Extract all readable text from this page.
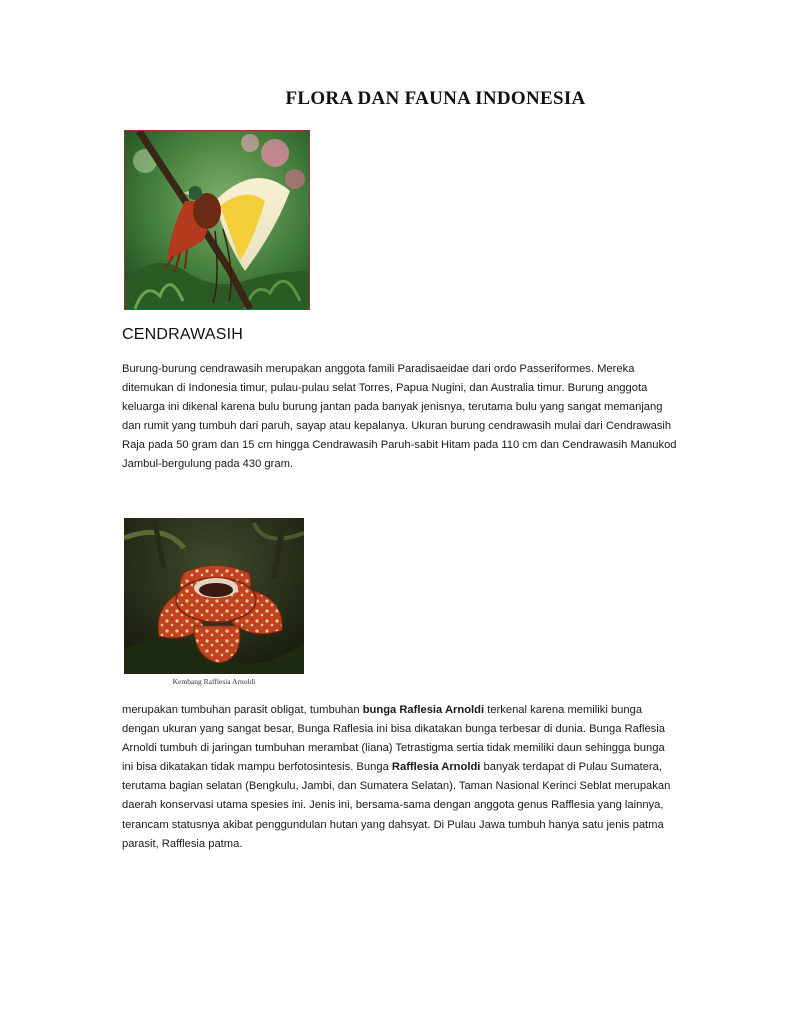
FLORA DAN FAUNA INDONESIA
CENDRAWASIH

Burung-burung cendrawasih merupakan anggota famili Paradisaeidae dari ordo Passeriformes. Mereka ditemukan di Indonesia timur, pulau-pulau selat Torres, Papua Nugini, dan Australia timur. Burung anggota keluarga ini dikenal karena bulu burung jantan pada banyak jenisnya, terutama bulu yang sangat memanjang dan rumit yang tumbuh dari paruh, sayap atau kepalanya. Ukuran burung cendrawasih mulai dari Cendrawasih Raja pada 50 gram dan 15 cm hingga Cendrawasih Paruh-sabit Hitam pada 110 cm dan Cendrawasih Manukod Jambul-bergulung pada 430 gram.

Kembang Rafflesia Arnoldi

merupakan tumbuhan parasit obligat, tumbuhan bunga Raflesia Arnoldi terkenal karena memiliki bunga dengan ukuran yang sangat besar, Bunga Raflesia ini bisa dikatakan bunga terbesar di dunia. Bunga Raflesia Arnoldi tumbuh di jaringan tumbuhan merambat (liana) Tetrastigma sertia tidak memiliki daun sehingga bunga ini bisa dikatakan tidak mampu berfotosintesis. Bunga Rafflesia Arnoldi banyak terdapat di Pulau Sumatera, terutama bagian selatan (Bengkulu, Jambi, dan Sumatera Selatan). Taman Nasional Kerinci Seblat merupakan daerah konservasi utama spesies ini. Jenis ini, bersama-sama dengan anggota genus Rafflesia yang lainnya, terancam statusnya akibat penggundulan hutan yang dahsyat. Di Pulau Jawa tumbuh hanya satu jenis patma parasit, Rafflesia patma.
